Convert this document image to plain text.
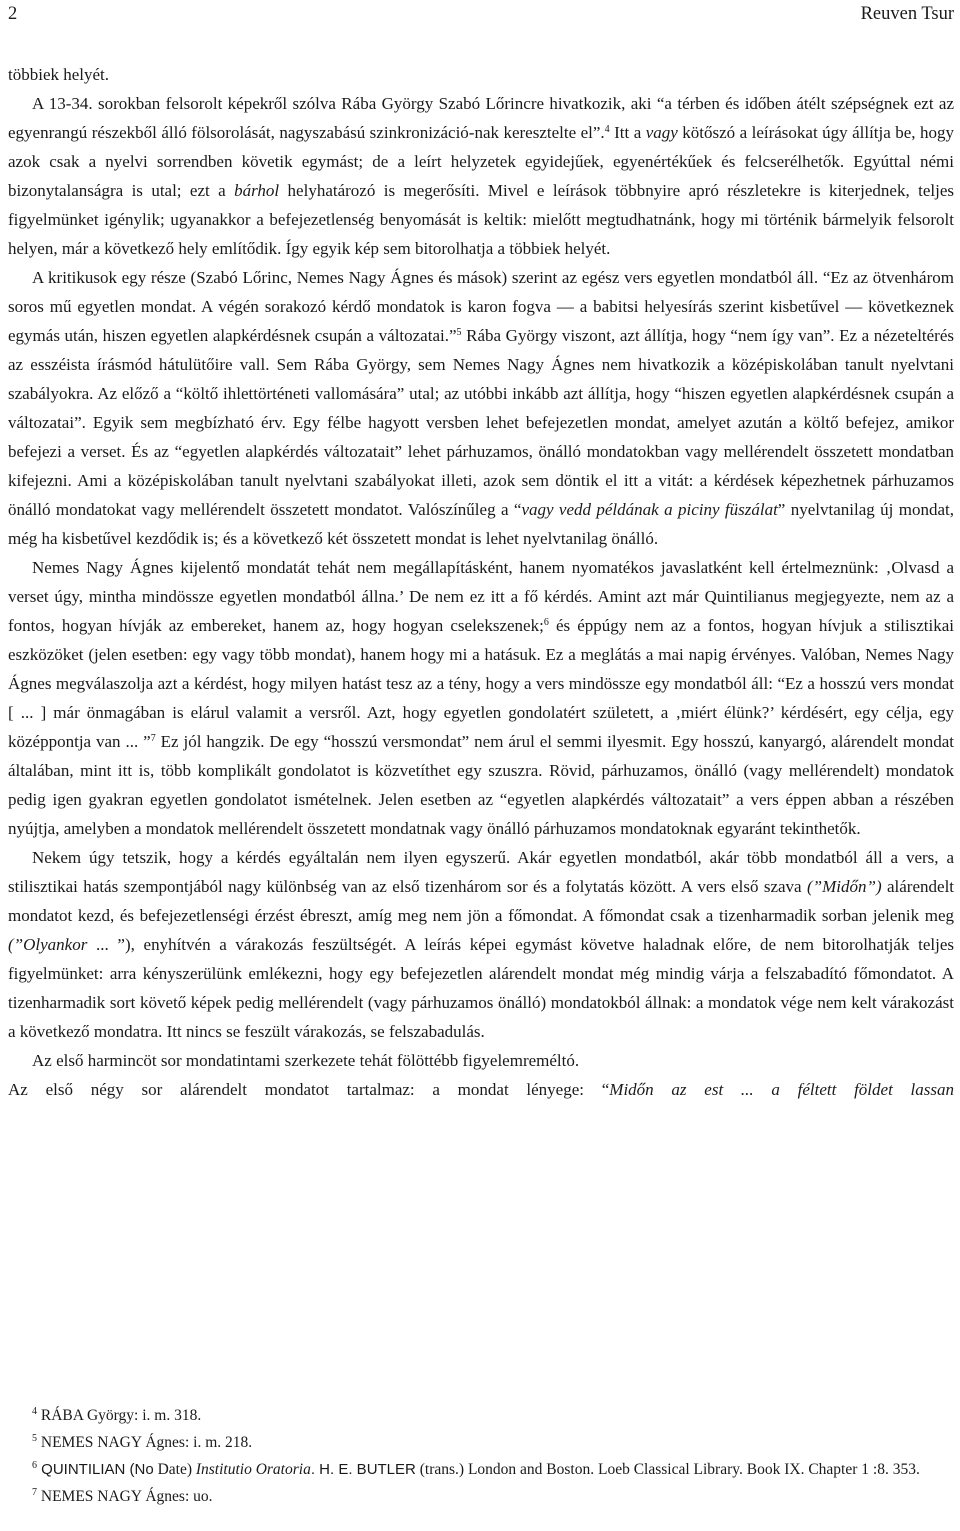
2	Reuven Tsur

többiek helyét.

A 13-34. sorokban felsorolt képekről szólva Rába György Szabó Lőrincre hivatkozik, aki “a térben és időben átélt szépségnek ezt az egyenrangú részekből álló fölsorolását, nagyszabású szinkronizáció-nak keresztelte el”.$^4$ Itt a vagy kötőszó a leírásokat úgy állítja be, hogy azok csak a nyelvi sorrendben követik egymást; de a leírt helyzetek egyidejűek, egyenértékűek és felcserélhetők. Egyúttal némi bizonytalanságra is utal; ezt a bárhol helyhatározó is megerősíti. Mivel e leírások többnyire apró részletekre is kiterjednek, teljes figyelmünket igénylik; ugyanakkor a befejezetlenség benyomását is keltik: mielőtt megtudhatnánk, hogy mi történik bármelyik felsorolt helyen, már a következő hely említődik. Így egyik kép sem bitorolhatja a többiek helyét.

A kritikusok egy része (Szabó Lőrinc, Nemes Nagy Ágnes és mások) szerint az egész vers egyetlen mondatból áll. “Ez az ötvenhárom soros mű egyetlen mondat. A végén sorakozó kérdő mondatok is karon fogva — a babitsi helyesírás szerint kisbetűvel — következnek egymás után, hiszen egyetlen alapkérdésnek csupán a változatai.”$^5$ Rába György viszont, azt állítja, hogy “nem így van”. Ez a nézeteltérés az esszéista írásmód hátulütőire vall. Sem Rába György, sem Nemes Nagy Ágnes nem hivatkozik a középiskolában tanult nyelvtani szabályokra. Az előző a “költő ihlettörténeti vallomására” utal; az utóbbi inkább azt állítja, hogy “hiszen egyetlen alapkérdésnek csupán a változatai”. Egyik sem megbízható érv. Egy félbe hagyott versben lehet befejezetlen mondat, amelyet azután a költő befejez, amikor befejezi a verset. És az “egyetlen alapkérdés változatait” lehet párhuzamos, önálló mondatokban vagy mellérendelt összetett mondatban kifejezni. Ami a középiskolában tanult nyelvtani szabályokat illeti, azok sem döntik el itt a vitát: a kérdések képezhetnek párhuzamos önálló mondatokat vagy mellérendelt összetett mondatot. Valószínűleg a “vagy vedd példának a piciny füszálat” nyelvtanilag új mondat, még ha kisbetűvel kezdődik is; és a következő két összetett mondat is lehet nyelvtanilag önálló.

Nemes Nagy Ágnes kijelentő mondatát tehát nem megállapításként, hanem nyomatékos javaslatként kell értelmeznünk: ‚Olvasd a verset úgy, mintha mindössze egyetlen mondatból állna.’ De nem ez itt a fő kérdés. Amint azt már Quintilianus megjegyezte, nem az a fontos, hogyan hívják az embereket, hanem az, hogy hogyan cselekszenek;$^6$ és éppúgy nem az a fontos, hogyan hívjuk a stilisztikai eszközöket (jelen esetben: egy vagy több mondat), hanem hogy mi a hatásuk. Ez a meglátás a mai napig érvényes. Valóban, Nemes Nagy Ágnes megválaszolja azt a kérdést, hogy milyen hatást tesz az a tény, hogy a vers mindössze egy mondatból áll: “Ez a hosszú vers mondat [ ... ] már önmagában is elárul valamit a versről. Azt, hogy egyetlen gondolatért született, a ‚miért élünk?’ kérdésért, egy célja, egy középpontja van ... ”$^7$ Ez jól hangzik. De egy “hosszú versmondat” nem árul el semmi ilyesmit. Egy hosszú, kanyargó, alárendelt mondat általában, mint itt is, több komplikált gondolatot is közvetíthet egy szuszra. Rövid, párhuzamos, önálló (vagy mellérendelt) mondatok pedig igen gyakran egyetlen gondolatot ismételnek. Jelen esetben az “egyetlen alapkérdés változatait” a vers éppen abban a részében nyújtja, amelyben a mondatok mellérendelt összetett mondatnak vagy önálló párhuzamos mondatoknak egyaránt tekinthetők.

Nekem úgy tetszik, hogy a kérdés egyáltalán nem ilyen egyszerű. Akár egyetlen mondatból, akár több mondatból áll a vers, a stilisztikai hatás szempontjából nagy különbség van az első tizenhárom sor és a folytatás között. A vers első szava (”Midőn”) alárendelt mondatot kezd, és befejezetlenségi érzést ébreszt, amíg meg nem jön a főmondat. A főmondat csak a tizenharmadik sorban jelenik meg (”Olyankor ... ”), enyhítvén a várakozás feszültségét. A leírás képei egymást követve haladnak előre, de nem bitorolhatják teljes figyelmünket: arra kényszerülünk emlékezni, hogy egy befejezetlen alárendelt mondat még mindig várja a felszabadító főmondatot. A tizenharmadik sort követő képek pedig mellérendelt (vagy párhuzamos önálló) mondatokból állnak: a mondatok vége nem kelt várakozást a következő mondatra. Itt nincs se feszült várakozás, se felszabadulás.

Az első harmincöt sor mondatintami szerkezete tehát fölöttébb figyelemreméltó.

Az első négy sor alárendelt mondatot tartalmaz: a mondat lényege: “Midőn az est ... a féltett földet lassan

$^4$ RÁBA György: i. m. 318.

$^5$ NEMES NAGY Ágnes: i. m. 218.

$^6$ QUINTILIAN (No Date) Institutio Oratoria. H. E. BUTLER (trans.) London and Boston. Loeb Classical Library. Book IX. Chapter 1 :8. 353.

$^7$ NEMES NAGY Ágnes: uo.
